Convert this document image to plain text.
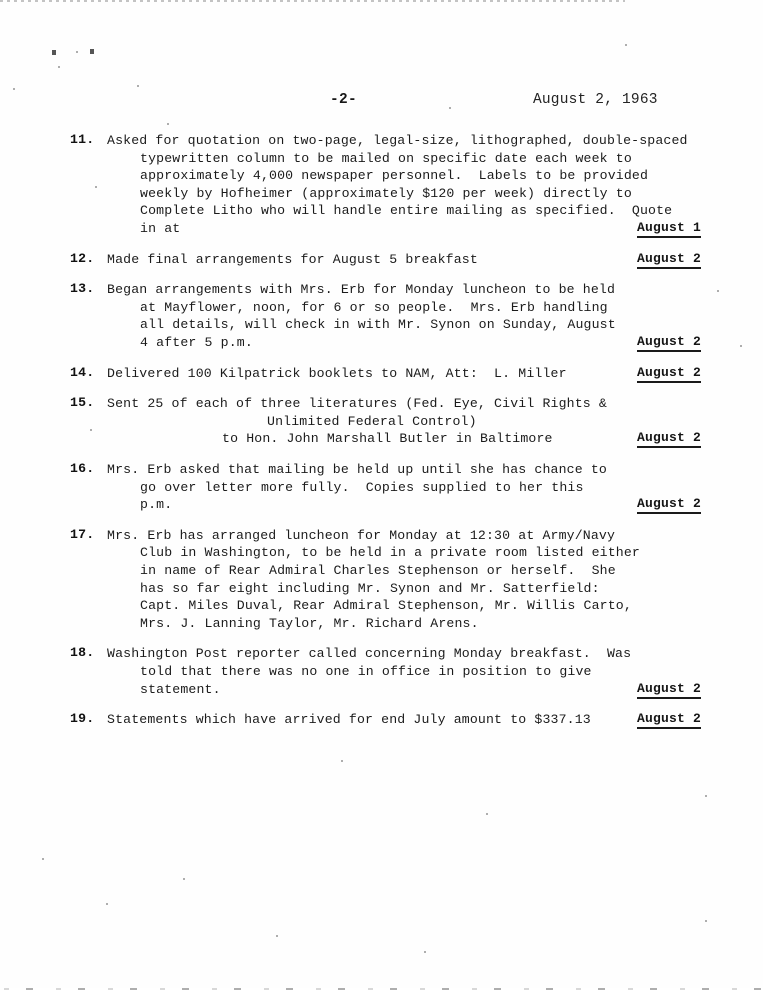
-2-	August 2, 1963
11. Asked for quotation on two-page, legal-size, lithographed, double-spaced
typewritten column to be mailed on specific date each week to
approximately 4,000 newspaper personnel.  Labels to be provided
weekly by Hofheimer (approximately $120 per week) directly to
Complete Litho who will handle entire mailing as specified.  Quote
in at	August 1
12. Made final arrangements for August 5 breakfast	August 2
13. Began arrangements with Mrs. Erb for Monday luncheon to be held
at Mayflower, noon, for 6 or so people.  Mrs. Erb handling
all details, will check in with Mr. Synon on Sunday, August
4 after 5 p.m.	August 2
14. Delivered 100 Kilpatrick booklets to NAM, Att:  L. Miller	August 2
15. Sent 25 of each of three literatures (Fed. Eye, Civil Rights &
Unlimited Federal Control)
to Hon. John Marshall Butler in Baltimore	August 2
16. Mrs. Erb asked that mailing be held up until she has chance to
go over letter more fully.  Copies supplied to her this
p.m.	August 2
17. Mrs. Erb has arranged luncheon for Monday at 12:30 at Army/Navy
Club in Washington, to be held in a private room listed either
in name of Rear Admiral Charles Stephenson or herself.  She
has so far eight including Mr. Synon and Mr. Satterfield:
Capt. Miles Duval, Rear Admiral Stephenson, Mr. Willis Carto,
Mrs. J. Lanning Taylor, Mr. Richard Arens.
18. Washington Post reporter called concerning Monday breakfast.  Was
told that there was no one in office in position to give
statement.	August 2
19. Statements which have arrived for end July amount to $337.13	August 2
